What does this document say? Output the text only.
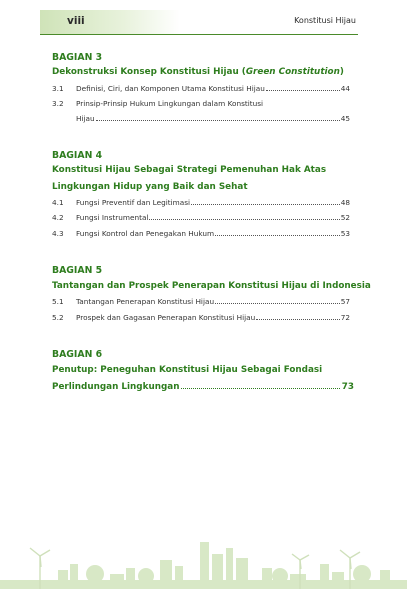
viii	Konstitusi Hijau
BAGIAN 3
Dekonstruksi Konsep Konstitusi Hijau (Green Constitution)
3.1 Definisi, Ciri, dan Komponen Utama Konstitusi Hijau	44
3.2 Prinsip-Prinsip Hukum Lingkungan dalam Konstitusi
Hijau	45
BAGIAN 4
Konstitusi Hijau Sebagai Strategi Pemenuhan Hak Atas
Lingkungan Hidup yang Baik dan Sehat
4.1 Fungsi Preventif dan Legitimasi	48
4.2 Fungsi Instrumental	52
4.3 Fungsi Kontrol dan Penegakan Hukum	53
BAGIAN 5
Tantangan dan Prospek Penerapan Konstitusi Hijau di Indonesia
5.1 Tantangan Penerapan Konstitusi Hijau	57
5.2 Prospek dan Gagasan Penerapan Konstitusi Hijau	72
BAGIAN 6
Penutup: Peneguhan Konstitusi Hijau Sebagai Fondasi
Perlindungan Lingkungan	73
